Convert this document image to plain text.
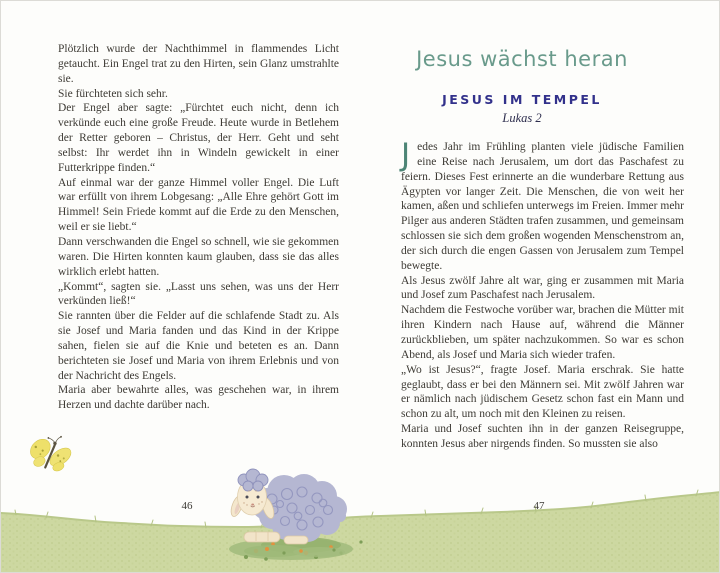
Plötzlich wurde der Nachthimmel in flammendes Licht getaucht. Ein Engel trat zu den Hirten, sein Glanz umstrahlte sie.

Sie fürchteten sich sehr.

Der Engel aber sagte: „Fürchtet euch nicht, denn ich verkünde euch eine große Freude. Heute wurde in Betlehem der Retter geboren – Christus, der Herr. Geht und seht selbst: Ihr werdet ihn in Windeln gewickelt in einer Futterkrippe finden.“

Auf einmal war der ganze Himmel voller Engel. Die Luft war erfüllt von ihrem Lobgesang: „Alle Ehre gehört Gott im Himmel! Sein Friede kommt auf die Erde zu den Menschen, weil er sie liebt.“

Dann verschwanden die Engel so schnell, wie sie gekommen waren. Die Hirten konnten kaum glauben, dass sie das alles wirklich erlebt hatten.

„Kommt“, sagten sie. „Lasst uns sehen, was uns der Herr verkünden ließ!“

Sie rannten über die Felder auf die schlafende Stadt zu. Als sie Josef und Maria fanden und das Kind in der Krippe sahen, fielen sie auf die Knie und beteten es an. Dann berichteten sie Josef und Maria von ihrem Erlebnis und von der Nachricht des Engels.

Maria aber bewahrte alles, was geschehen war, in ihrem Herzen und dachte darüber nach.

Jesus wächst heran
JESUS IM TEMPEL
Lukas 2

Jedes Jahr im Frühling planten viele jüdische Familien eine Reise nach Jerusalem, um dort das Paschafest zu feiern. Dieses Fest erinnerte an die wunderbare Rettung aus Ägypten vor langer Zeit. Die Menschen, die von weit her kamen, aßen und schliefen unterwegs im Freien. Immer mehr Pilger aus anderen Städten trafen zusammen, und gemeinsam schlossen sie sich dem großen wogenden Menschenstrom an, der sich durch die engen Gassen von Jerusalem zum Tempel bewegte.

Als Jesus zwölf Jahre alt war, ging er zusammen mit Maria und Josef zum Paschafest nach Jerusalem.

Nachdem die Festwoche vorüber war, brachen die Mütter mit ihren Kindern nach Hause auf, während die Männer zurückblieben, um später nachzukommen. So war es schon Abend, als Josef und Maria sich wieder trafen.

„Wo ist Jesus?“, fragte Josef. Maria erschrak. Sie hatte geglaubt, dass er bei den Männern sei. Mit zwölf Jahren war er nämlich nach jüdischem Gesetz schon fast ein Mann und schon zu alt, um noch mit den Kleinen zu reisen.

Maria und Josef suchten ihn in der ganzen Reisegruppe, konnten Jesus aber nirgends finden. So mussten sie also

46	47
